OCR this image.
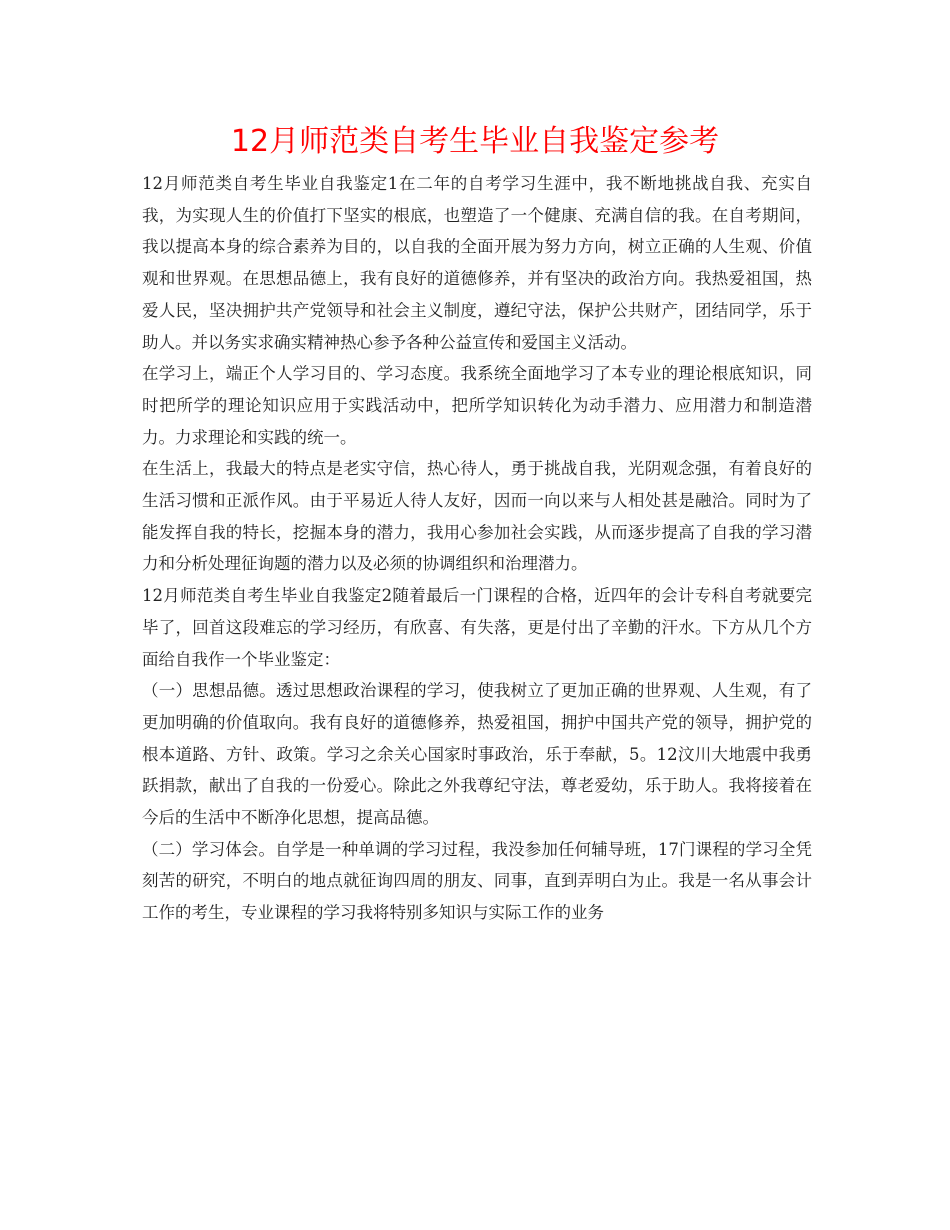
12月师范类自考生毕业自我鉴定参考

12月师范类自考生毕业自我鉴定1在二年的自考学习生涯中，我不断地挑战自我、充实自我，为实现人生的价值打下坚实的根底，也塑造了一个健康、充满自信的我。在自考期间，我以提高本身的综合素养为目的，以自我的全面开展为努力方向，树立正确的人生观、价值观和世界观。在思想品德上，我有良好的道德修养，并有坚决的政治方向。我热爱祖国，热爱人民，坚决拥护共产党领导和社会主义制度，遵纪守法，保护公共财产，团结同学，乐于助人。并以务实求确实精神热心参予各种公益宣传和爱国主义活动。

在学习上，端正个人学习目的、学习态度。我系统全面地学习了本专业的理论根底知识，同时把所学的理论知识应用于实践活动中，把所学知识转化为动手潜力、应用潜力和制造潜力。力求理论和实践的统一。

在生活上，我最大的特点是老实守信，热心待人，勇于挑战自我，光阴观念强，有着良好的生活习惯和正派作风。由于平易近人待人友好，因而一向以来与人相处甚是融洽。同时为了能发挥自我的特长，挖掘本身的潜力，我用心参加社会实践，从而逐步提高了自我的学习潜力和分析处理征询题的潜力以及必须的协调组织和治理潜力。

12月师范类自考生毕业自我鉴定2随着最后一门课程的合格，近四年的会计专科自考就要完毕了，回首这段难忘的学习经历，有欣喜、有失落，更是付出了辛勤的汗水。下方从几个方面给自我作一个毕业鉴定：

（一）思想品德。透过思想政治课程的学习，使我树立了更加正确的世界观、人生观，有了更加明确的价值取向。我有良好的道德修养，热爱祖国，拥护中国共产党的领导，拥护党的根本道路、方针、政策。学习之余关心国家时事政治，乐于奉献，5。12汶川大地震中我勇跃捐款，献出了自我的一份爱心。除此之外我尊纪守法，尊老爱幼，乐于助人。我将接着在今后的生活中不断净化思想，提高品德。

（二）学习体会。自学是一种单调的学习过程，我没参加任何辅导班，17门课程的学习全凭刻苦的研究，不明白的地点就征询四周的朋友、同事，直到弄明白为止。我是一名从事会计工作的考生，专业课程的学习我将特别多知识与实际工作的业务
